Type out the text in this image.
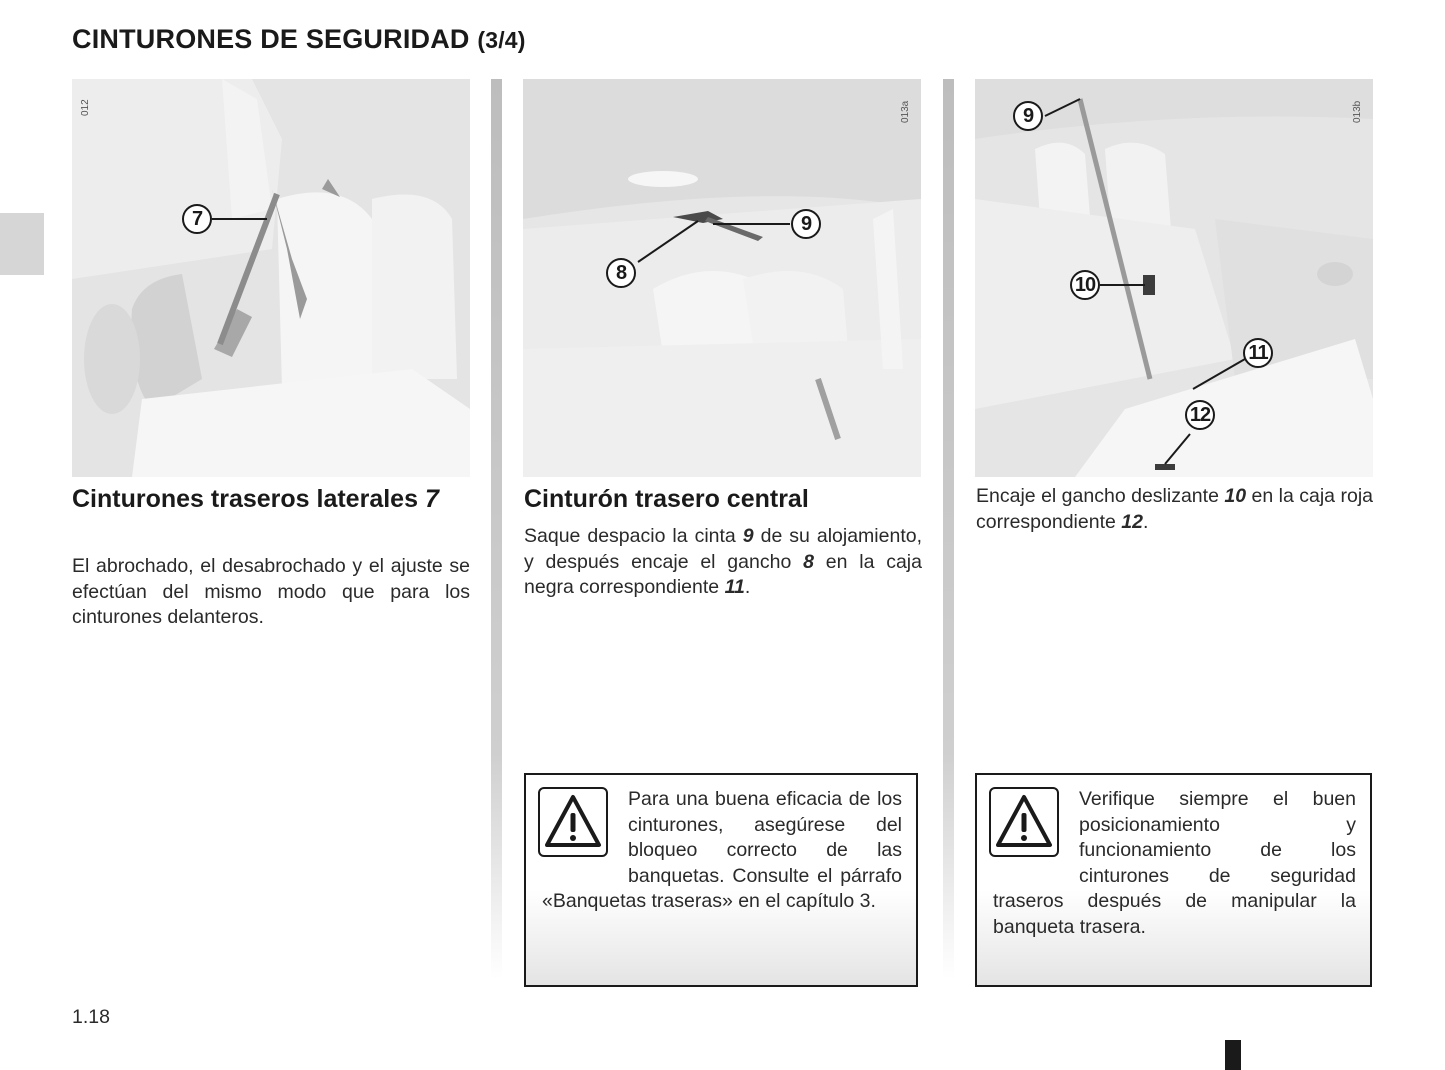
CINTURONES DE SEGURIDAD (3/4)
012
7
Cinturones traseros laterales 7

El abrochado, el desabrochado y el ajuste se efectúan del mismo modo que para los cinturones delanteros.

013a
9
8
Cinturón trasero central

Saque despacio la cinta 9 de su alojamiento, y después encaje el gancho 8 en la caja negra correspondiente 11.

Para una buena eficacia de los cinturones, asegúrese del bloqueo correcto de las banquetas. Consulte el párrafo «Banquetas traseras» en el capítulo 3.
013b
9
10
11
12

Encaje el gancho deslizante 10 en la caja roja correspondiente 12.

Verifique siempre el buen posicionamiento y funcionamiento de los cinturones de seguridad traseros después de manipular la banqueta trasera.
1.18
